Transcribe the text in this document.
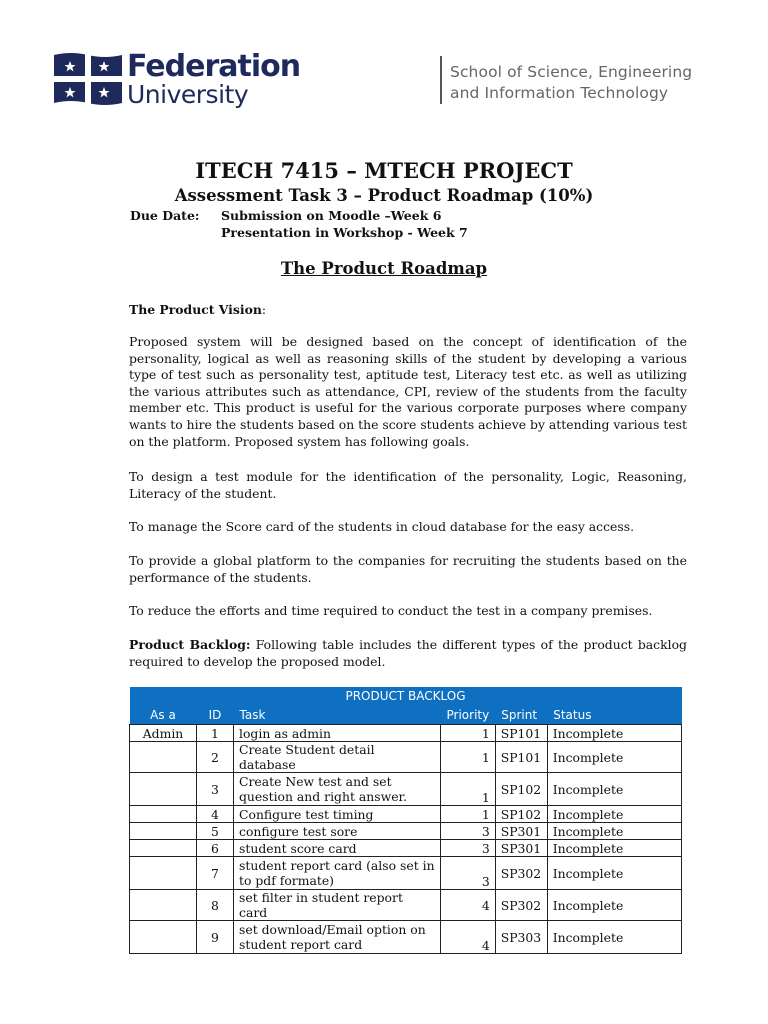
Federation
University
School of Science, Engineering
and Information Technology
ITECH 7415 – MTECH PROJECT
Assessment Task 3 – Product Roadmap (10%)
Due Date: Submission on Moodle –Week 6
Presentation in Workshop - Week 7
The Product Roadmap
The Product Vision:
Proposed system will be designed based on the concept of identification of the personality, logical as well as reasoning skills of the student by developing a various type of test such as personality test, aptitude test, Literacy test etc. as well as utilizing the various attributes such as attendance, CPI, review of the students from the faculty member etc. This product is useful for the various corporate purposes where company wants to hire the students based on the score students achieve by attending various test on the platform. Proposed system has following goals.
To design a test module for the identification of the personality, Logic, Reasoning, Literacy of the student.
To manage the Score card of the students in cloud database for the easy access.
To provide a global platform to the companies for recruiting the students based on the performance of the students.
To reduce the efforts and time required to conduct the test in a company premises.
Product Backlog: Following table includes the different types of the product backlog required to develop the proposed model.
PRODUCT BACKLOG					
As a	ID	Task	Priority	Sprint	Status
Admin	1	login as admin	1	SP101	Incomplete
	2	Create Student detail database	1	SP101	Incomplete
	3	Create New test and set question and right answer.	1	SP102	Incomplete
	4	Configure test timing	1	SP102	Incomplete
	5	configure test sore	3	SP301	Incomplete
	6	student score card	3	SP301	Incomplete
	7	student report card (also set in to pdf formate)	3	SP302	Incomplete
	8	set filter in student report card	4	SP302	Incomplete
	9	set download/Email option on student report card	4	SP303	Incomplete
